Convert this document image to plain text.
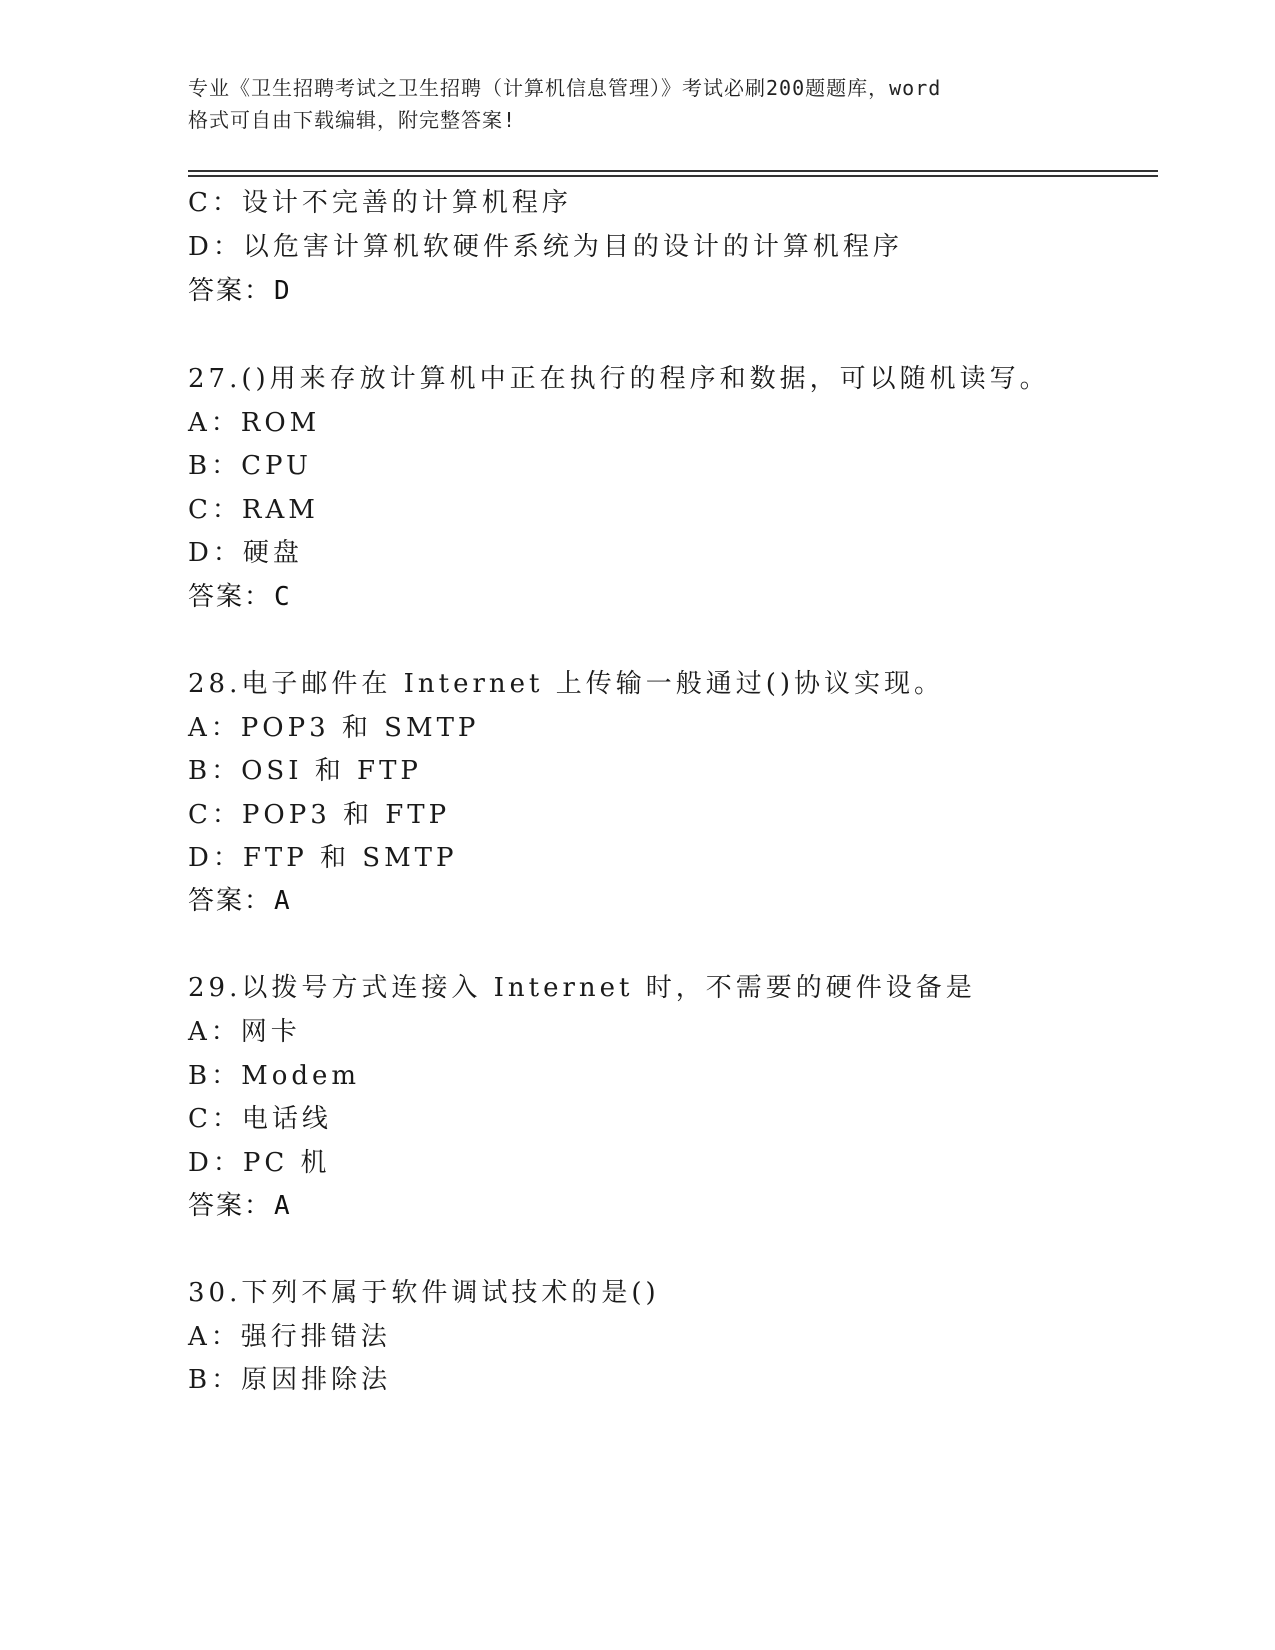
专业《卫生招聘考试之卫生招聘（计算机信息管理）》考试必刷200题题库，word
格式可自由下载编辑，附完整答案!
C：设计不完善的计算机程序
D：以危害计算机软硬件系统为目的设计的计算机程序
答案：D
27.()用来存放计算机中正在执行的程序和数据，可以随机读写。
A：ROM
B：CPU
C：RAM
D：硬盘
答案：C
28.电子邮件在 Internet 上传输一般通过()协议实现。
A：POP3 和 SMTP
B：OSI 和 FTP
C：POP3 和 FTP
D：FTP 和 SMTP
答案：A
29.以拨号方式连接入 Internet 时，不需要的硬件设备是
A：网卡
B：Modem
C：电话线
D：PC 机
答案：A
30.下列不属于软件调试技术的是()
A：强行排错法
B：原因排除法
